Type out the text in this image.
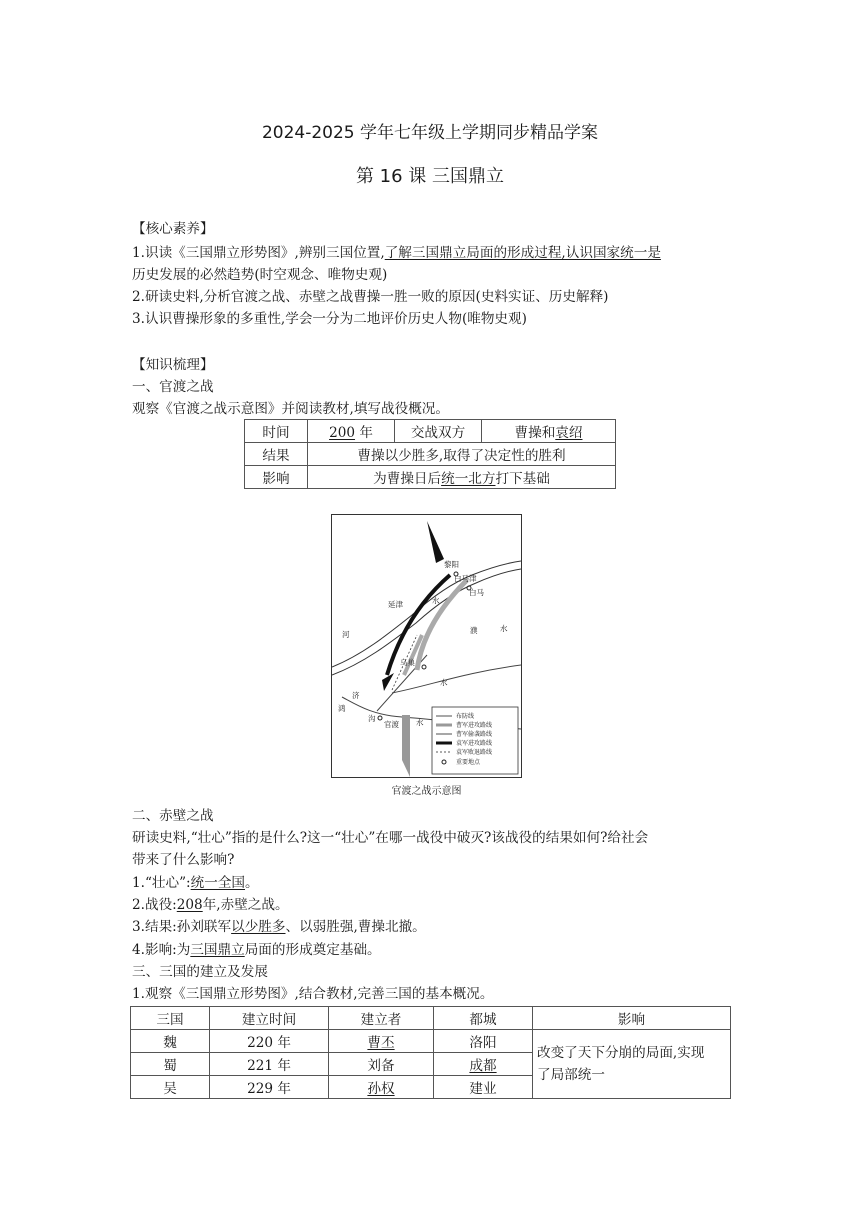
2024-2025 学年七年级上学期同步精品学案
第 16 课 三国鼎立
【核心素养】
1.识读《三国鼎立形势图》,辨别三国位置,了解三国鼎立局面的形成过程,认识国家统一是
历史发展的必然趋势(时空观念、唯物史观)
2.研读史料,分析官渡之战、赤壁之战曹操一胜一败的原因(史料实证、历史解释)
3.认识曹操形象的多重性,学会一分为二地评价历史人物(唯物史观)
【知识梳理】
一、官渡之战
观察《官渡之战示意图》并阅读教材,填写战役概况。
时间	200 年	交战双方	曹操和袁绍
结果	曹操以少胜多,取得了决定性的胜利		
影响	为曹操日后统一北方打下基础		
黎阳
白马津
白马
延津	水
河	濮	水
乌巢
水
济
鸿
沟
官渡 水
布防线
曹军进攻路线
曹军偷袭路线
袁军进攻路线
袁军败退路线
重要地点
官渡之战示意图
二、赤壁之战
研读史料,“壮心”指的是什么?这一“壮心”在哪一战役中破灭?该战役的结果如何?给社会
带来了什么影响?
1.“壮心”:统一全国。
2.战役:208年,赤壁之战。
3.结果:孙刘联军以少胜多、以弱胜强,曹操北撤。
4.影响:为三国鼎立局面的形成奠定基础。
三、三国的建立及发展
1.观察《三国鼎立形势图》,结合教材,完善三国的基本概况。
三国	建立时间	建立者	都城	影响
魏	220 年	曹丕	洛阳	改变了天下分崩的局面,实现
了局部统一
蜀	221 年	刘备	成都	
吴	229 年	孙权	建业	
